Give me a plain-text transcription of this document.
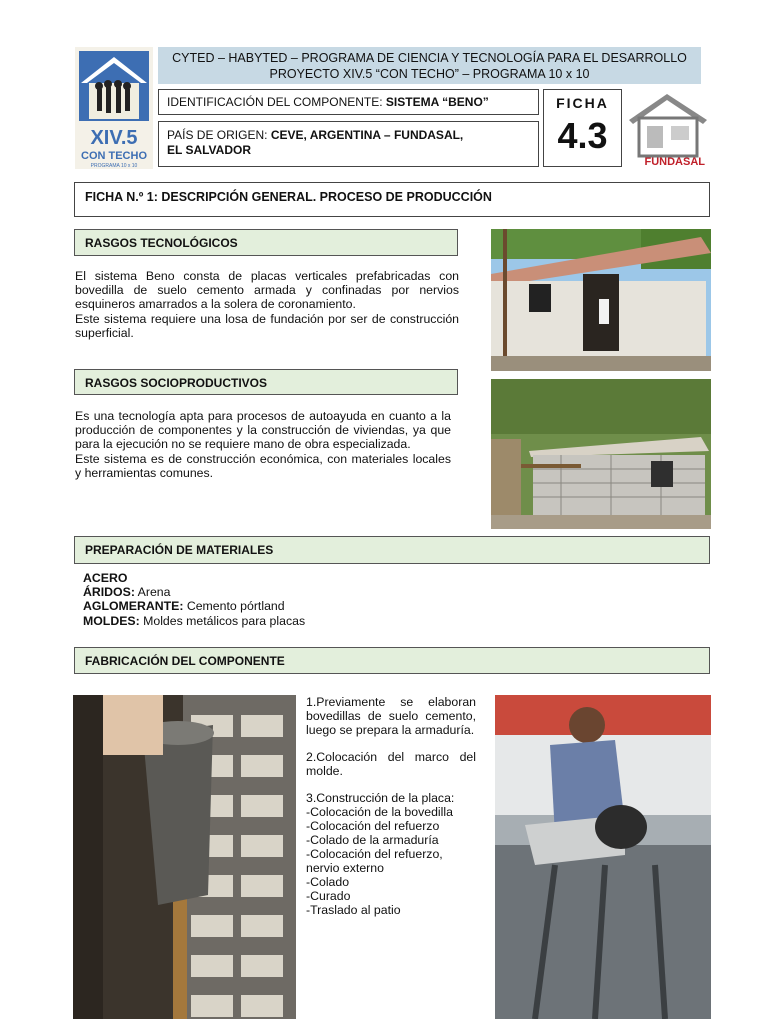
XIV.5
CON TECHO
PROGRAMA 10 x 10
CYTED – HABYTED – PROGRAMA DE CIENCIA Y TECNOLOGÍA PARA EL DESARROLLO
PROYECTO XIV.5 “CON TECHO” – PROGRAMA 10 x 10
IDENTIFICACIÓN DEL COMPONENTE: SISTEMA “BENO”
PAÍS DE ORIGEN: CEVE, ARGENTINA – FUNDASAL,
EL SALVADOR
FICHA
4.3
FUNDASAL
FICHA N.º 1: DESCRIPCIÓN GENERAL. PROCESO DE PRODUCCIÓN
RASGOS TECNOLÓGICOS
El sistema Beno consta de placas verticales prefabricadas con bovedilla de suelo cemento armada y confinadas por nervios esquineros amarrados a la solera de coronamiento.
Este sistema requiere una losa de fundación por ser de construcción superficial.
RASGOS SOCIOPRODUCTIVOS
Es una tecnología apta para procesos de autoayuda en cuanto a la producción de componentes y la construcción de viviendas, ya que para la ejecución no se requiere mano de obra especializada.
Este sistema es de construcción económica, con materiales locales y herramientas comunes.
PREPARACIÓN DE MATERIALES
ACERO
ÁRIDOS: Arena
AGLOMERANTE: Cemento pórtland
MOLDES: Moldes metálicos para placas
FABRICACIÓN DEL COMPONENTE

1.Previamente se elaboran bovedillas de suelo cemento, luego se prepara la armaduría.

2.Colocación del marco del molde.

3.Construcción de la placa:
-Colocación de la bovedilla
-Colocación del refuerzo
-Colado de la armaduría
-Colocación del refuerzo, nervio externo
-Colado
-Curado
-Traslado al patio
